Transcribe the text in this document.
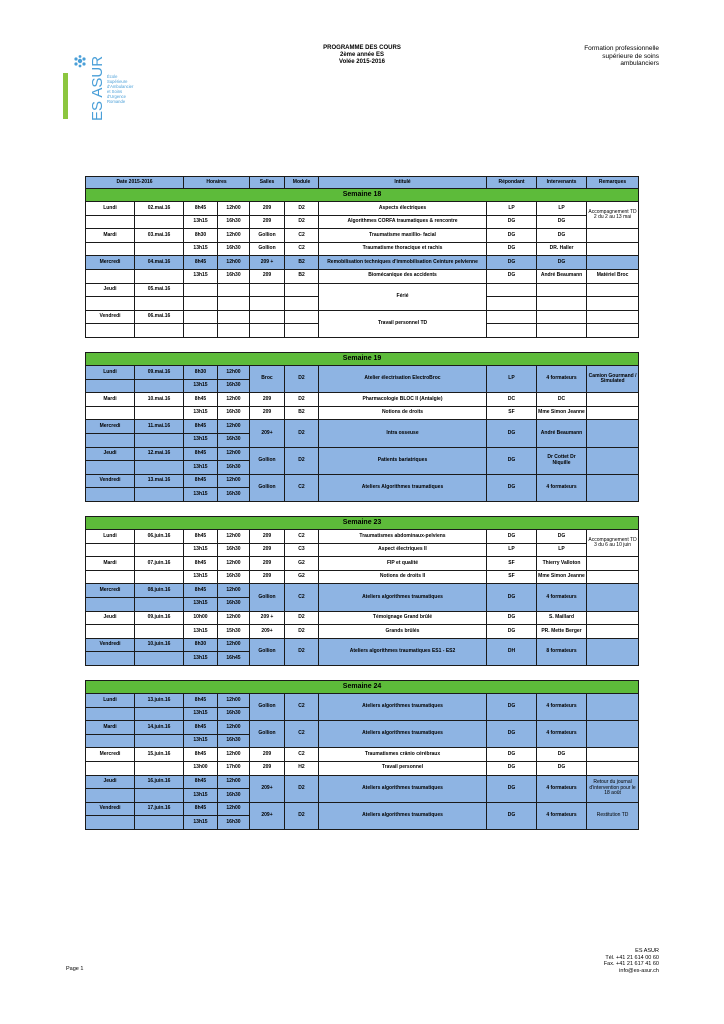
ES ASUR École
Supérieure
d'Ambulancier
et Soins
d'Urgence
Romande
PROGRAMME DES COURS
2ème année ES
Volée 2015-2016
Formation professionnelle
supérieure de soins
ambulanciers
Date 2015-2016		Horaires		Salles	Module	Intitulé	Répondant	Intervenants	Remarques
Semaine 18									
Lundi	02.mai.16	8h45	12h00	209	D2	Aspects électriques	LP	LP	Accompagnement TD 2 du 2 au 13 mai
		13h15	16h30	209	D2	Algorithmes CORFA traumatiques & rencontre	DG	DG	
Mardi	03.mai.16	8h30	12h00	Gollion	C2	Traumatisme maxillio- facial	DG	DG	
		13h15	16h30	Gollion	C2	Traumatisme thoracique et rachis	DG	DR. Haller	
Mercredi	04.mai.16	8h45	12h00	209 +	B2	Remobilisation techniques d'immobilisation Ceinture pelvienne	DG	DG	
		13h15	16h30	209	B2	Biomécanique des accidents	DG	André Beaumann	Matériel Broc
Jeudi	05.mai.16					Férié			

Vendredi	06.mai.16					Travail personnel TD			

Semaine 19									
Lundi	09.mai.16	8h30	12h00	Broc	D2	Atelier électrisation ElectroBroc	LP	4 formateurs	Camion Gourmand / Simulated
		13h15	16h30						
Mardi	10.mai.16	8h45	12h00	209	D2	Pharmacologie BLOC II (Antalgie)	DC	DC	
		13h15	16h30	209	B2	Notions de droits	SF	Mme Simon Jeanne	
Mercredi	11.mai.16	8h45	12h00	209+	D2	Intra osseuse	DG	André Beaumann	
		13h15	16h30						
Jeudi	12.mai.16	8h45	12h00	Gollion	D2	Patients bariatriques	DG	Dr Cottet Dr Niquille	
		13h15	16h30						
Vendredi	13.mai.16	8h45	12h00	Gollion	C2	Ateliers Algorithmes traumatiques	DG	4 formateurs	
		13h15	16h30						
Semaine 23									
Lundi	06.juin.16	8h45	12h00	209	C2	Traumatismes abdominaux-pelviens	DG	DG	Accompagnement TD 3 du 6 au 10 juin
		13h15	16h30	209	C3	Aspect électriques II	LP	LP	
Mardi	07.juin.16	8h45	12h00	209	G2	FIP et qualité	SF	Thierry Valloton	
		13h15	16h30	209	G2	Notions de droits II	SF	Mme Simon Jeanne	
Mercredi	08.juin.16	8h45	12h00	Gollion	C2	Ateliers algorithmes traumatiques	DG	4 formateurs	
		13h15	16h30						
Jeudi	09.juin.16	10h00	12h00	209 +	D2	Témoignage Grand brûlé	DG	S. Maillard	
		13h15	15h30	209+	D2	Grands brûlés	DG	PR. Mette Berger	
Vendredi	10.juin.16	8h30	12h00	Gollion	D2	Ateliers algorithmes traumatiques ES1 - ES2	DH	8 formateurs	
		13h15	16h45						
Semaine 24									
Lundi	13.juin.16	8h45	12h00	Gollion	C2	Ateliers algorithmes traumatiques	DG	4 formateurs	
		13h15	16h30						
Mardi	14.juin.16	8h45	12h00	Gollion	C2	Ateliers algorithmes traumatiques	DG	4 formateurs	
		13h15	16h30						
Mercredi	15.juin.16	8h45	12h00	209	C2	Traumatismes crânio cérébraux	DG	DG	
		13h00	17h00	209	H2	Travail personnel	DG	DG	
Jeudi	16.juin.16	8h45	12h00	209+	D2	Ateliers algorithmes traumatiques	DG	4 formateurs	Retour du journal d'intervention pour le 18 août
		13h15	16h30						
Vendredi	17.juin.16	8h45	12h00	209+	D2	Ateliers algorithmes traumatiques	DG	4 formateurs	Restitution TD
		13h15	16h30						
Page 1
ES ASUR
Tél. +41 21 614 00 60
Fax. +41 21 617 41 60
info@es-asur.ch
